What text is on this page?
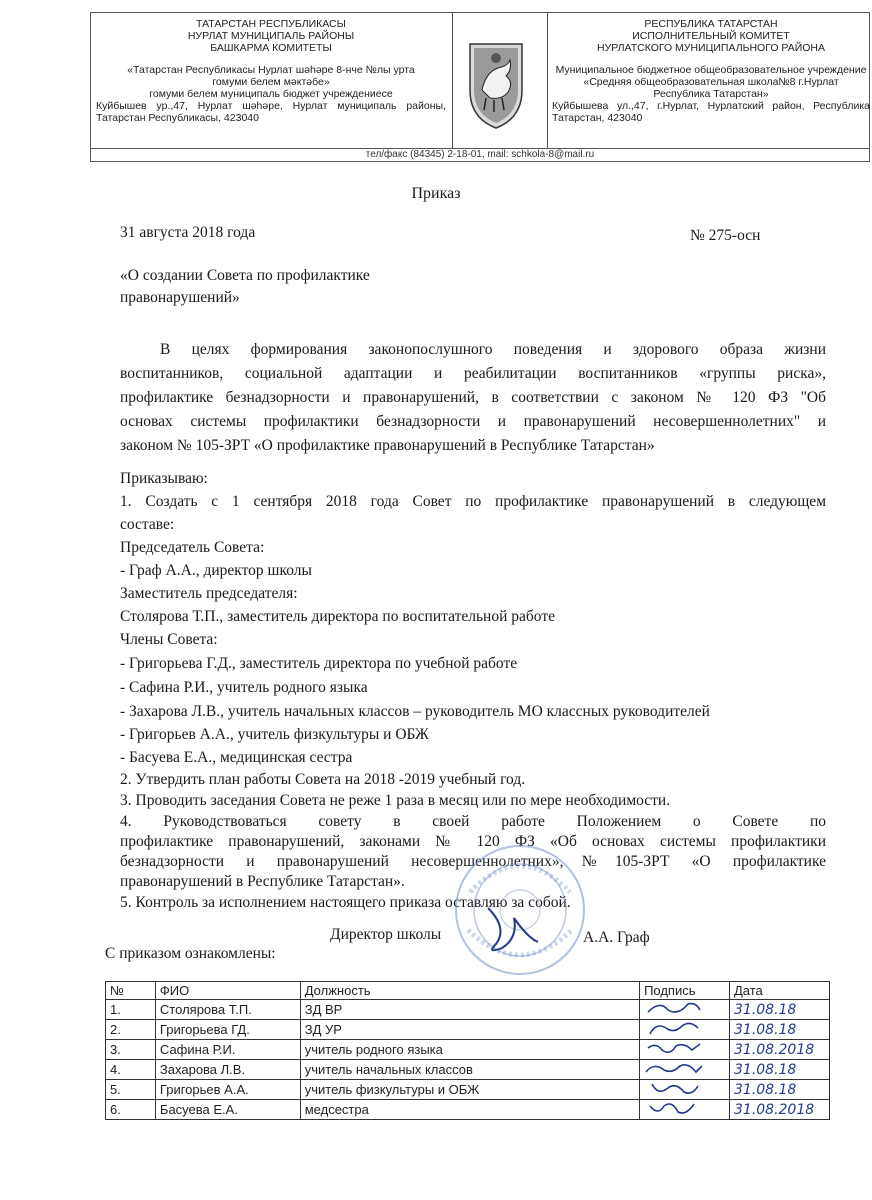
ТАТАРСТАН РЕСПУБЛИКАСЫ
НУРЛАТ МУНИЦИПАЛЬ РАЙОНЫ
БАШКАРМА КОМИТЕТЫ
«Татарстан Республикасы Нурлат шәһәре 8-нче №лы урта
гомуми белем мәктәбе»
гомуми белем муниципаль бюджет учреждениесе
Куйбышев ур.,47, Нурлат шәһәре, Нурлат муниципаль районы,
Татарстан Республикасы, 423040
РЕСПУБЛИКА ТАТАРСТАН
ИСПОЛНИТЕЛЬНЫЙ КОМИТЕТ
НУРЛАТСКОГО МУНИЦИПАЛЬНОГО РАЙОНА
Муниципальное бюджетное общеобразовательное учреждение
«Средняя общеобразовательная школа№8 г.Нурлат
Республика Татарстан»
Куйбышева ул.,47, г.Нурлат, Нурлатский район, Республика
Татарстан, 423040
тел/факс (84345) 2-18-01, mail: schkola-8@mail.ru
Приказ
31 августа 2018 года	№ 275-осн
«О создании Совета по профилактике
правонарушений»
В целях формирования законопослушного поведения и здорового образа жизни
воспитанников, социальной адаптации и реабилитации воспитанников «группы риска»,
профилактике безнадзорности и правонарушений, в соответствии с законом № 120 ФЗ "Об
основах системы профилактики безнадзорности и правонарушений несовершеннолетних" и
законом № 105-ЗРТ «О профилактике правонарушений в Республике Татарстан»
Приказываю:
1. Создать с 1 сентября 2018 года Совет по профилактике правонарушений в следующем
составе:
Председатель Совета:
- Граф А.А., директор школы
Заместитель председателя:
Столярова Т.П., заместитель директора по воспитательной работе
Члены Совета:
- Григорьева Г.Д., заместитель директора по учебной работе
- Сафина Р.И., учитель родного языка
- Захарова Л.В., учитель начальных классов – руководитель МО классных руководителей
- Григорьев А.А., учитель физкультуры и ОБЖ
- Басуева Е.А., медицинская сестра
2. Утвердить план работы Совета на 2018 -2019 учебный год.
3. Проводить заседания Совета не реже 1 раза в месяц или по мере необходимости.
4. Руководствоваться совету в своей работе Положением о Совете по
профилактике правонарушений, законами № 120 ФЗ «Об основах системы профилактики
безнадзорности и правонарушений несовершеннолетних»,№105-ЗРТ «О профилактике
правонарушений в Республике Татарстан».
5. Контроль за исполнением настоящего приказа оставляю за собой.
Директор школы	А.А. Граф
С приказом ознакомлены:
№	ФИО	Должность	Подпись	Дата
1.	Столярова Т.П.	ЗД ВР		31.08.18
2.	Григорьева ГД.	ЗД УР		31.08.18
3.	Сафина Р.И.	учитель родного языка		31.08.2018
4.	Захарова Л.В.	учитель начальных классов		31.08.18
5.	Григорьев А.А.	учитель физкультуры и ОБЖ		31.08.18
6.	Басуева Е.А.	медсестра		31.08.2018
